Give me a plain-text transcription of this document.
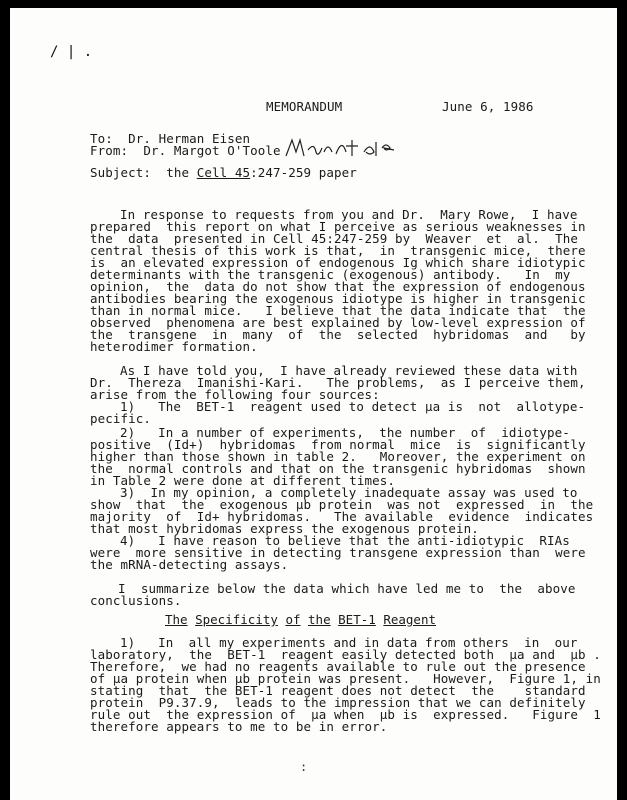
/ | .
MEMORANDUM	June 6, 1986
To:  Dr. Herman Eisen
From:  Dr. Margot O'Toole
Subject:  the Cell 45:247-259 paper
In response to requests from you and Dr.  Mary Rowe,  I have
prepared  this report on what I perceive as serious weaknesses in
the  data  presented in Cell 45:247-259 by  Weaver  et  al.  The
central thesis of this work is that,  in  transgenic mice,  there
is  an elevated expression of endogenous Ig which share idiotypic
determinants with the transgenic (exogenous) antibody.   In  my
opinion,  the  data do not show that the expression of endogenous
antibodies bearing the exogenous idiotype is higher in transgenic
than in normal mice.   I believe that the data indicate that  the
observed  phenomena are best explained by low-level expression of
the  transgene  in  many  of  the  selected  hybridomas  and   by
heterodimer formation.
As I have told you,  I have already reviewed these data with
Dr.  Thereza  Imanishi-Kari.   The problems,  as I perceive them,
arise from the following four sources:
1)   The  BET-1  reagent used to detect μa is  not  allotype-
pecific.
2)   In a number of experiments,  the number  of  idiotype-
positive  (Id+)  hybridomas  from normal  mice  is  significantly
higher than those shown in table 2.   Moreover, the experiment on
the  normal controls and that on the transgenic hybridomas  shown
in Table 2 were done at different times.
3)  In my opinion, a completely inadequate assay was used to
show  that  the  exogenous μb protein  was not  expressed  in  the
majority  of  Id+ hybridomas.   The available  evidence  indicates
that most hybridomas express the exogenous protein.
4)   I have reason to believe that the anti-idiotypic  RIAs
were  more sensitive in detecting transgene expression than  were
the mRNA-detecting assays.
I  summarize below the data which have led me to  the  above
conclusions.
The Specificity of the BET-1 Reagent
1)   In  all my experiments and in data from others  in  our
laboratory,  the  BET-1  reagent easily detected both  μa and  μb .
Therefore,  we had no reagents available to rule out the presence
of μa protein when μb protein was present.   However,  Figure 1, in
stating  that  the BET-1 reagent does not detect  the    standard
protein  P9.37.9,  leads to the impression that we can definitely
rule out  the expression of  μa when  μb is  expressed.   Figure  1
therefore appears to me to be in error.
:
